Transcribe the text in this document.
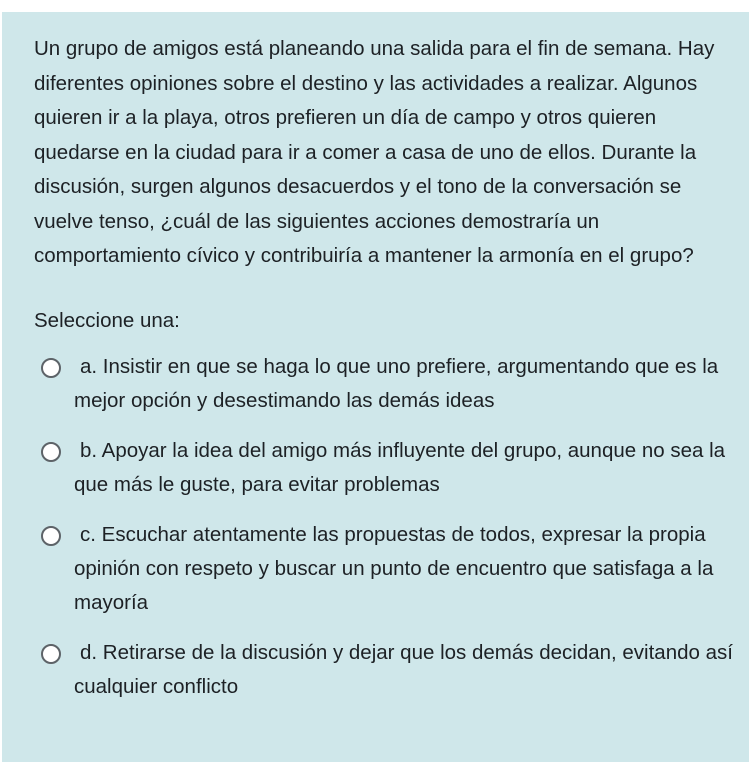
Un grupo de amigos está planeando una salida para el fin de semana. Hay diferentes opiniones sobre el destino y las actividades a realizar. Algunos quieren ir a la playa, otros prefieren un día de campo y otros quieren quedarse en la ciudad para ir a comer a casa de uno de ellos. Durante la discusión, surgen algunos desacuerdos y el tono de la conversación se vuelve tenso, ¿cuál de las siguientes acciones demostraría un comportamiento cívico y contribuiría a mantener la armonía en el grupo?

Seleccione una:
a. Insistir en que se haga lo que uno prefiere, argumentando que es la mejor opción y desestimando las demás ideas
b. Apoyar la idea del amigo más influyente del grupo, aunque no sea la que más le guste, para evitar problemas
c. Escuchar atentamente las propuestas de todos, expresar la propia opinión con respeto y buscar un punto de encuentro que satisfaga a la mayoría
d. Retirarse de la discusión y dejar que los demás decidan, evitando así cualquier conflicto
